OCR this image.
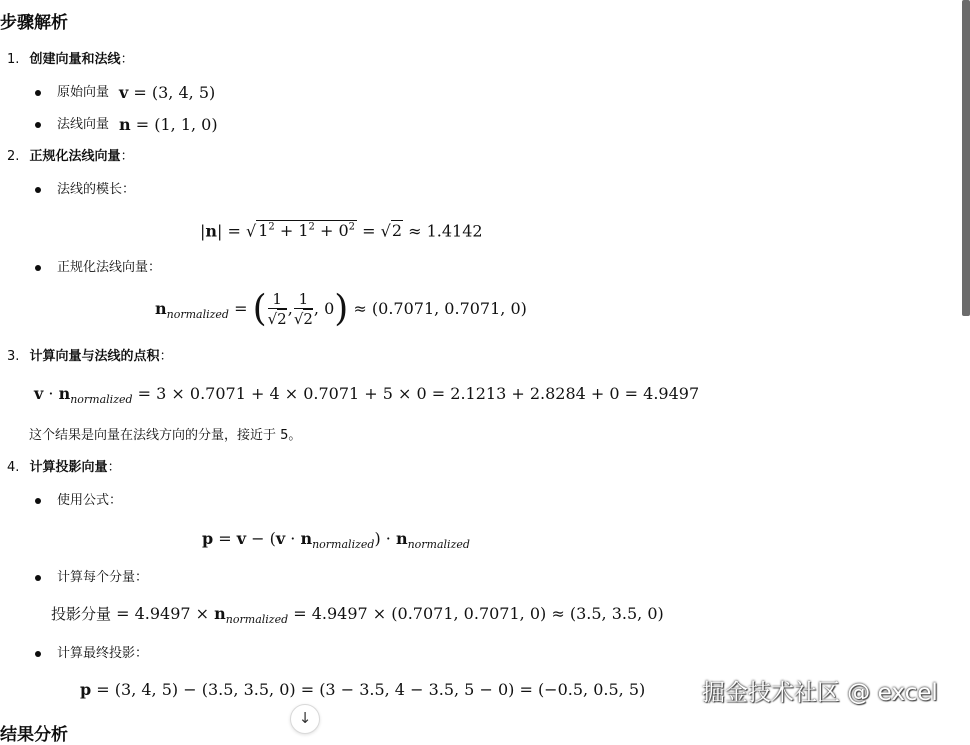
步骤解析
1. 创建向量和法线：
原始向量 v = (3, 4, 5)
法线向量 n = (1, 1, 0)
2. 正规化法线向量：
法线的模长：
|n| = √ $1^2 + 1^2 + 0^2 = √2 \approx 1.4142$
正规化法线向量：
$n_{normalized}$ = ( $\frac{1}{√2}$ , $\frac{1}{√2}$ , 0) ≈ (0.7071, 0.7071, 0)
3. 计算向量与法线的点积：
$v \cdot n_{normalized} = 3 \times 0.7071 + 4 \times 0.7071 + 5 \times 0 = 2.1213 + 2.8284 + 0 = 4.9497$
这个结果是向量在法线方向的分量，接近于 5。
4. 计算投影向量：
使用公式：
$p = v - (v \cdot n_{normalized}) \cdot n_{normalized}$
计算每个分量：
投影分量 = $4.9497 \times n_{normalized} = 4.9497 \times (0.7071$, 0.7071, 0) ≈ (3.5, 3.5, 0)
计算最终投影：
p = (3, 4, 5) − (3.5, 3.5, 0) = (3 − 3.5, 4 − 3.5, 5 − 0) = (−0.5, 0.5, 5)
结果分析
↓
掘金技术社区 @ excel
